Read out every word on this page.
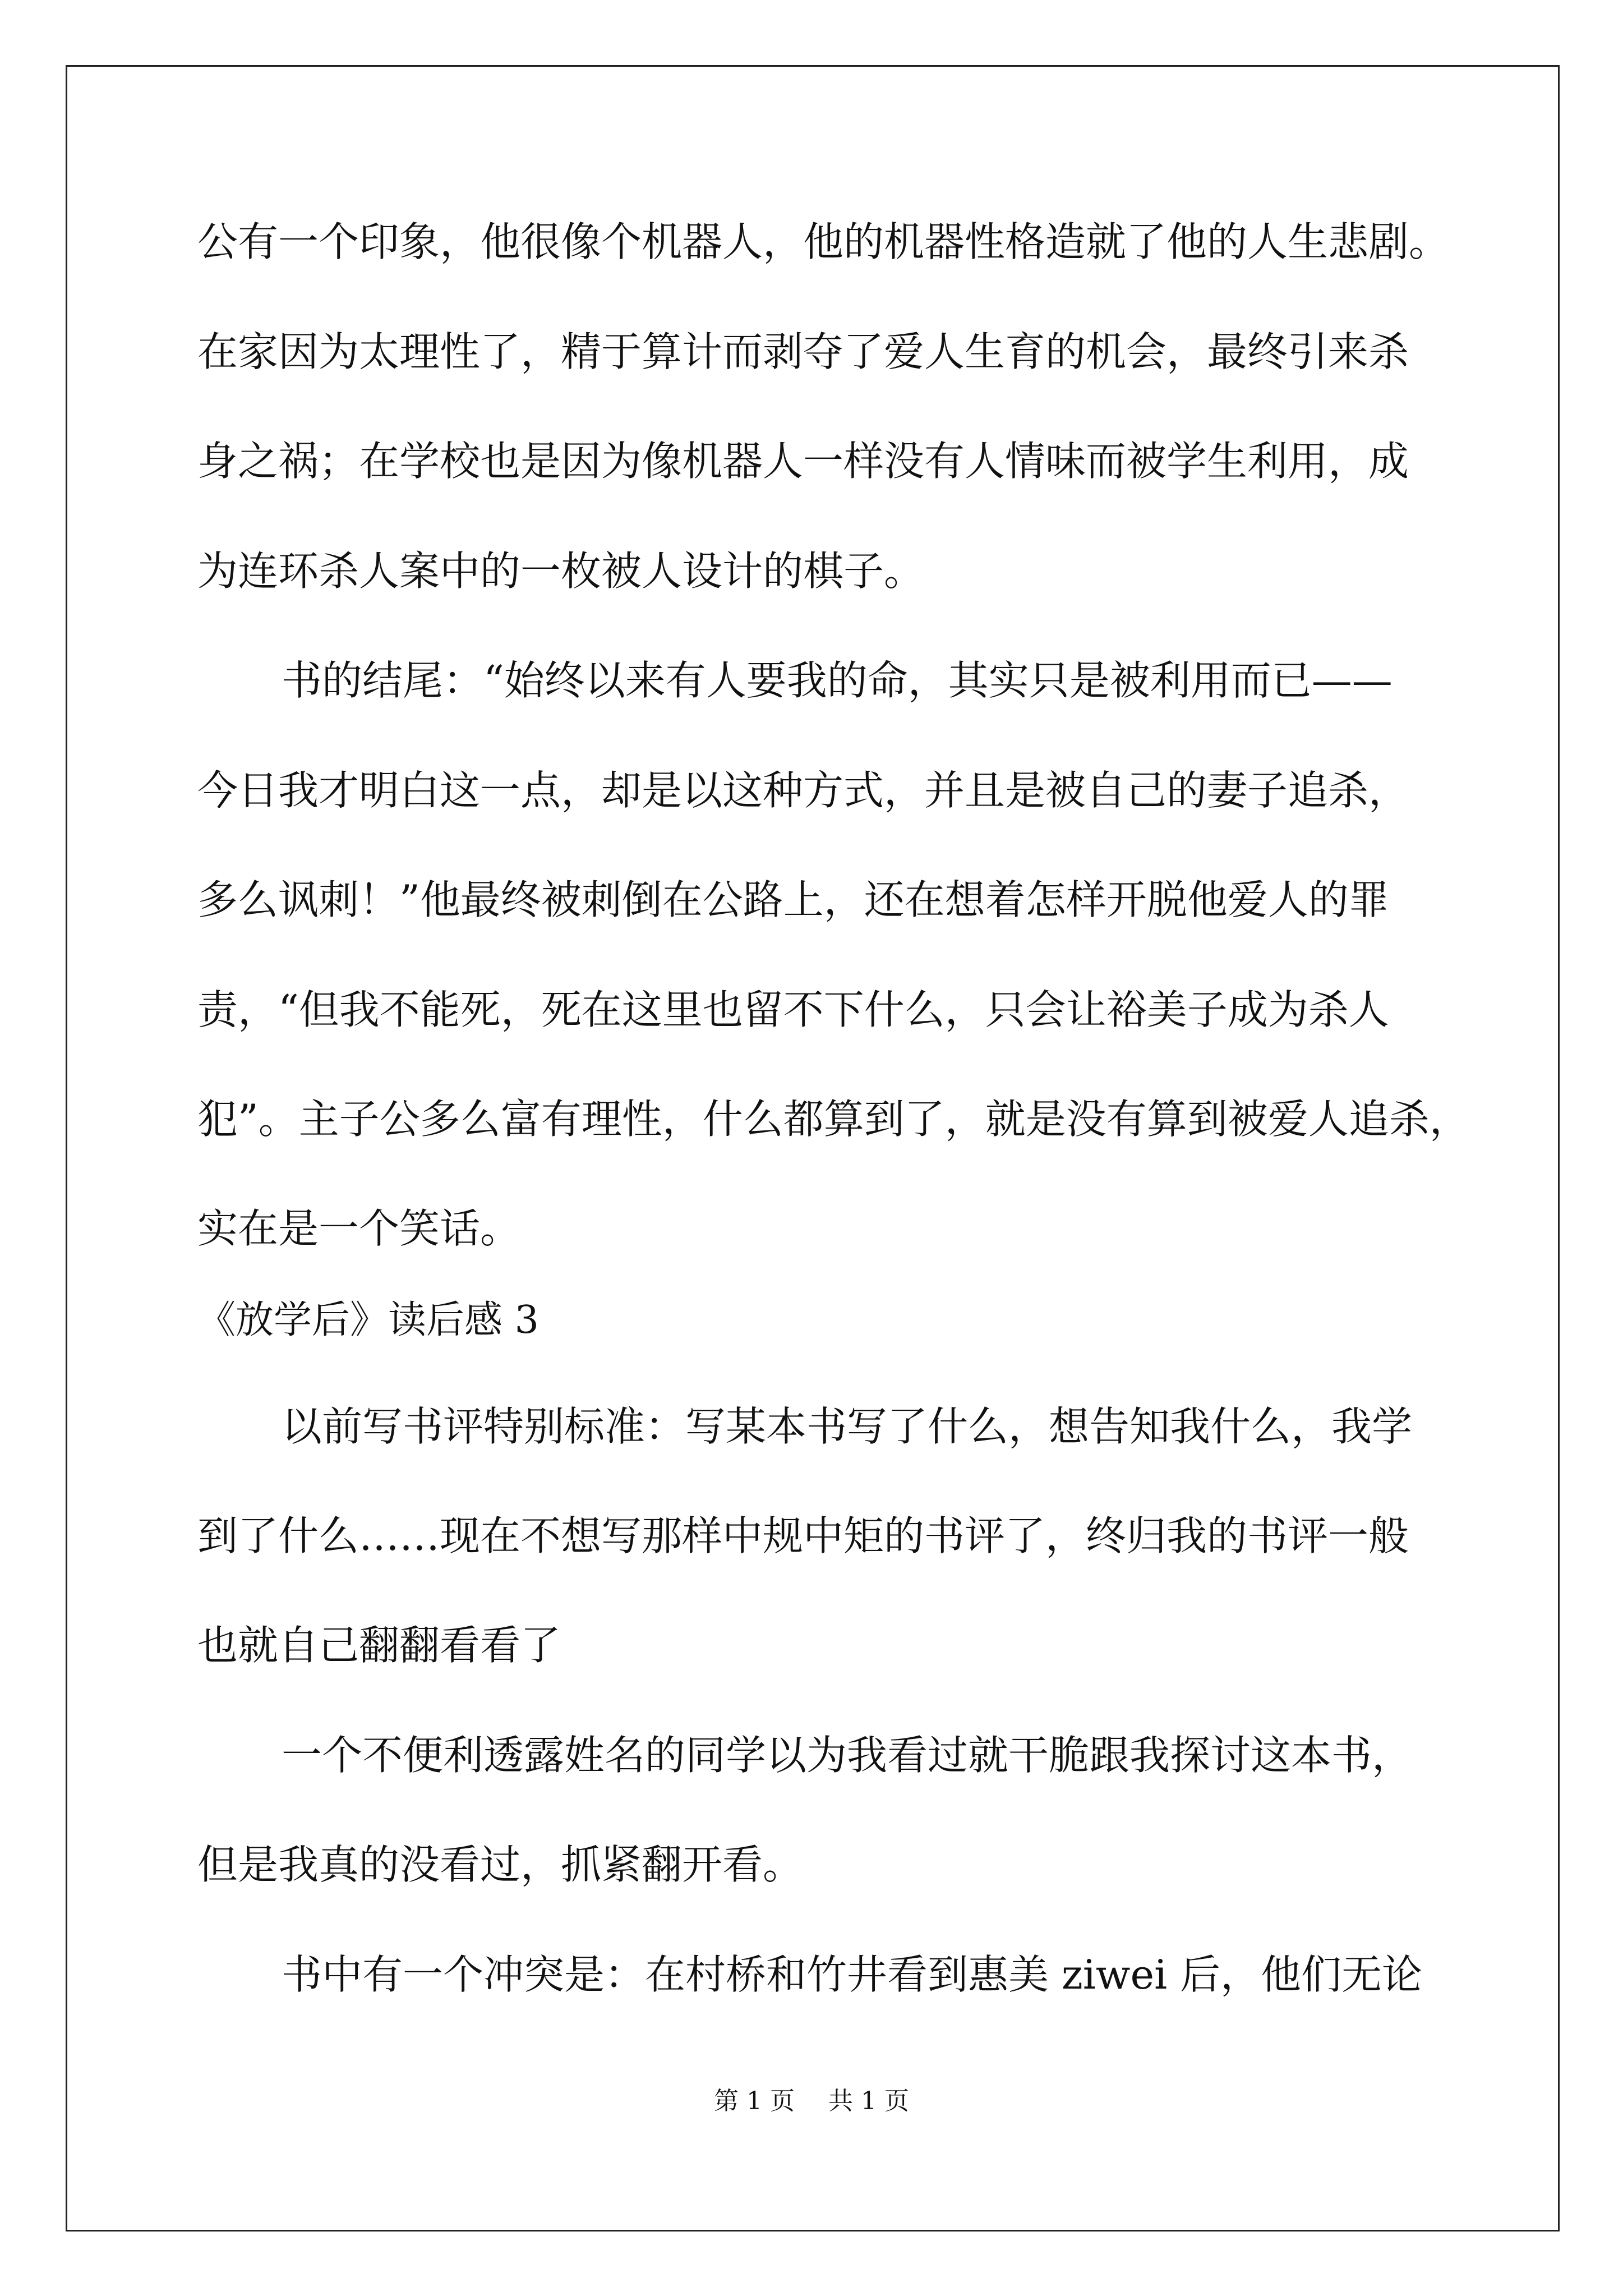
公有一个印象，他很像个机器人，他的机器性格造就了他的人生悲剧。
在家因为太理性了，精于算计而剥夺了爱人生育的机会，最终引来杀
身之祸；在学校也是因为像机器人一样没有人情味而被学生利用，成
为连环杀人案中的一枚被人设计的棋子。
书的结尾：“始终以来有人要我的命，其实只是被利用而已——
今日我才明白这一点，却是以这种方式，并且是被自己的妻子追杀，
多么讽刺！”他最终被刺倒在公路上，还在想着怎样开脱他爱人的罪
责，“但我不能死，死在这里也留不下什么，只会让裕美子成为杀人
犯”。主子公多么富有理性，什么都算到了，就是没有算到被爱人追杀，
实在是一个笑话。
《放学后》读后感 3
以前写书评特别标准：写某本书写了什么，想告知我什么，我学
到了什么……现在不想写那样中规中矩的书评了，终归我的书评一般
也就自己翻翻看看了
一个不便利透露姓名的同学以为我看过就干脆跟我探讨这本书，
但是我真的没看过，抓紧翻开看。
书中有一个冲突是：在村桥和竹井看到惠美 ziwei 后，他们无论
第 1 页 共 1 页
